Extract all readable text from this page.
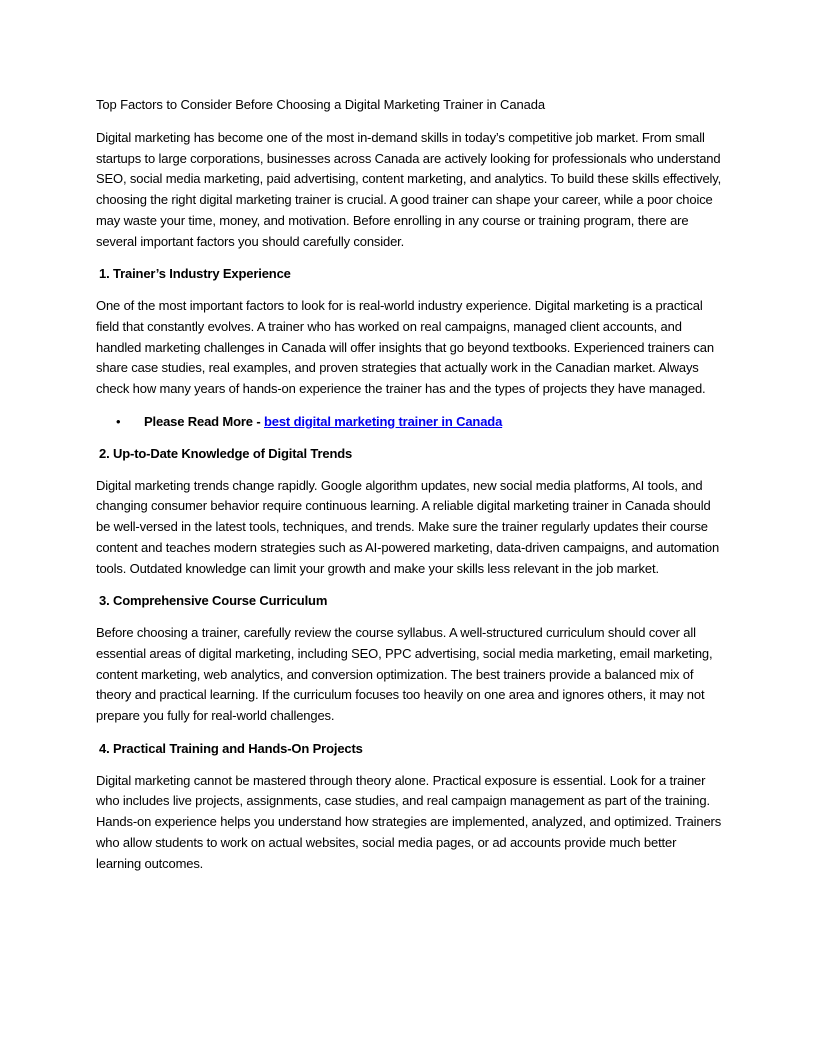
Top Factors to Consider Before Choosing a Digital Marketing Trainer in Canada

Digital marketing has become one of the most in-demand skills in today’s competitive job market. From small startups to large corporations, businesses across Canada are actively looking for professionals who understand SEO, social media marketing, paid advertising, content marketing, and analytics. To build these skills effectively, choosing the right digital marketing trainer is crucial. A good trainer can shape your career, while a poor choice may waste your time, money, and motivation. Before enrolling in any course or training program, there are several important factors you should carefully consider.

1. Trainer’s Industry Experience

One of the most important factors to look for is real-world industry experience. Digital marketing is a practical field that constantly evolves. A trainer who has worked on real campaigns, managed client accounts, and handled marketing challenges in Canada will offer insights that go beyond textbooks. Experienced trainers can share case studies, real examples, and proven strategies that actually work in the Canadian market. Always check how many years of hands-on experience the trainer has and the types of projects they have managed.

•	Please Read More - best digital marketing trainer in Canada

2. Up-to-Date Knowledge of Digital Trends

Digital marketing trends change rapidly. Google algorithm updates, new social media platforms, AI tools, and changing consumer behavior require continuous learning. A reliable digital marketing trainer in Canada should be well-versed in the latest tools, techniques, and trends. Make sure the trainer regularly updates their course content and teaches modern strategies such as AI-powered marketing, data-driven campaigns, and automation tools. Outdated knowledge can limit your growth and make your skills less relevant in the job market.

3. Comprehensive Course Curriculum

Before choosing a trainer, carefully review the course syllabus. A well-structured curriculum should cover all essential areas of digital marketing, including SEO, PPC advertising, social media marketing, email marketing, content marketing, web analytics, and conversion optimization. The best trainers provide a balanced mix of theory and practical learning. If the curriculum focuses too heavily on one area and ignores others, it may not prepare you fully for real-world challenges.

4. Practical Training and Hands-On Projects

Digital marketing cannot be mastered through theory alone. Practical exposure is essential. Look for a trainer who includes live projects, assignments, case studies, and real campaign management as part of the training. Hands-on experience helps you understand how strategies are implemented, analyzed, and optimized. Trainers who allow students to work on actual websites, social media pages, or ad accounts provide much better learning outcomes.
